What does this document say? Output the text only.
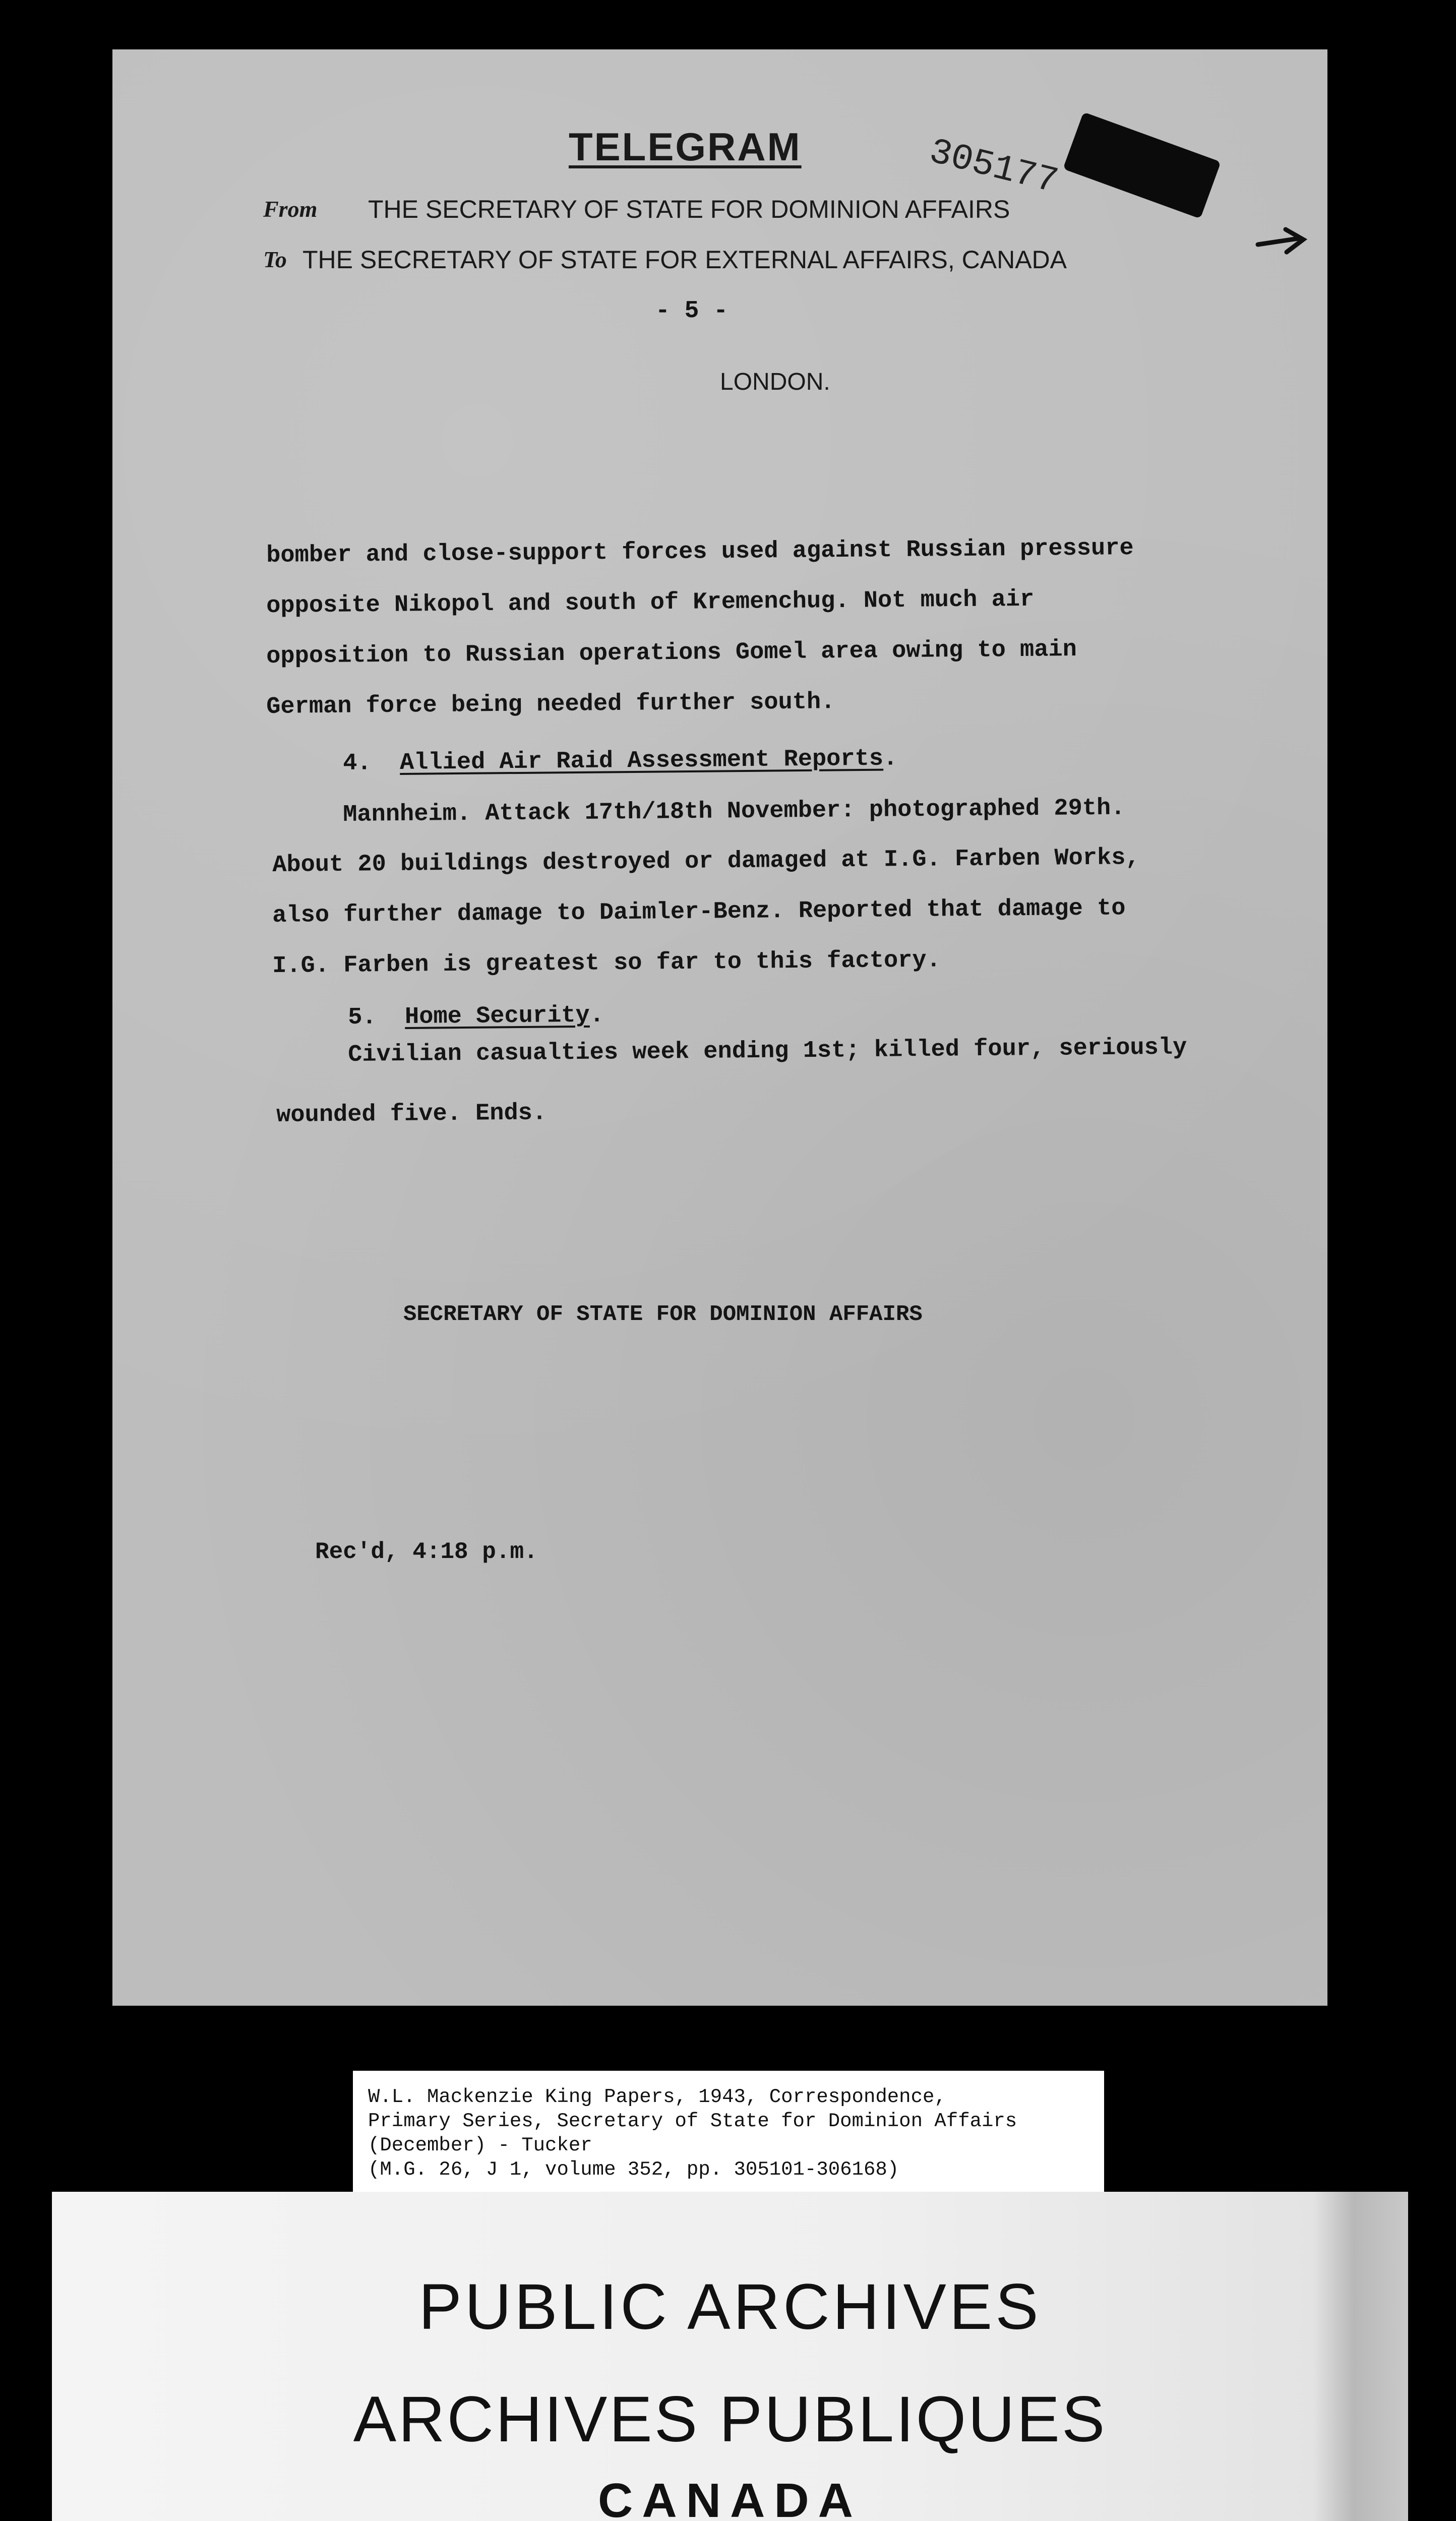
TELEGRAM	305177
From THE SECRETARY OF STATE FOR DOMINION AFFAIRS
To THE SECRETARY OF STATE FOR EXTERNAL AFFAIRS, CANADA
- 5 -
LONDON.
bomber and close-support forces used against Russian pressure
opposite Nikopol and south of Kremenchug. Not much air
opposition to Russian operations Gomel area owing to main
German force being needed further south.
4. Allied Air Raid Assessment Reports.
Mannheim. Attack 17th/18th November: photographed 29th.
About 20 buildings destroyed or damaged at I.G. Farben Works,
also further damage to Daimler-Benz. Reported that damage to
I.G. Farben is greatest so far to this factory.
5. Home Security.
Civilian casualties week ending 1st; killed four, seriously
wounded five. Ends.
SECRETARY OF STATE FOR DOMINION AFFAIRS
Rec'd, 4:18 p.m.
W.L. Mackenzie King Papers, 1943, Correspondence,
Primary Series, Secretary of State for Dominion Affairs
(December) - Tucker
(M.G. 26, J 1, volume 352, pp. 305101-306168)
PUBLIC ARCHIVES
ARCHIVES PUBLIQUES
CANADA
